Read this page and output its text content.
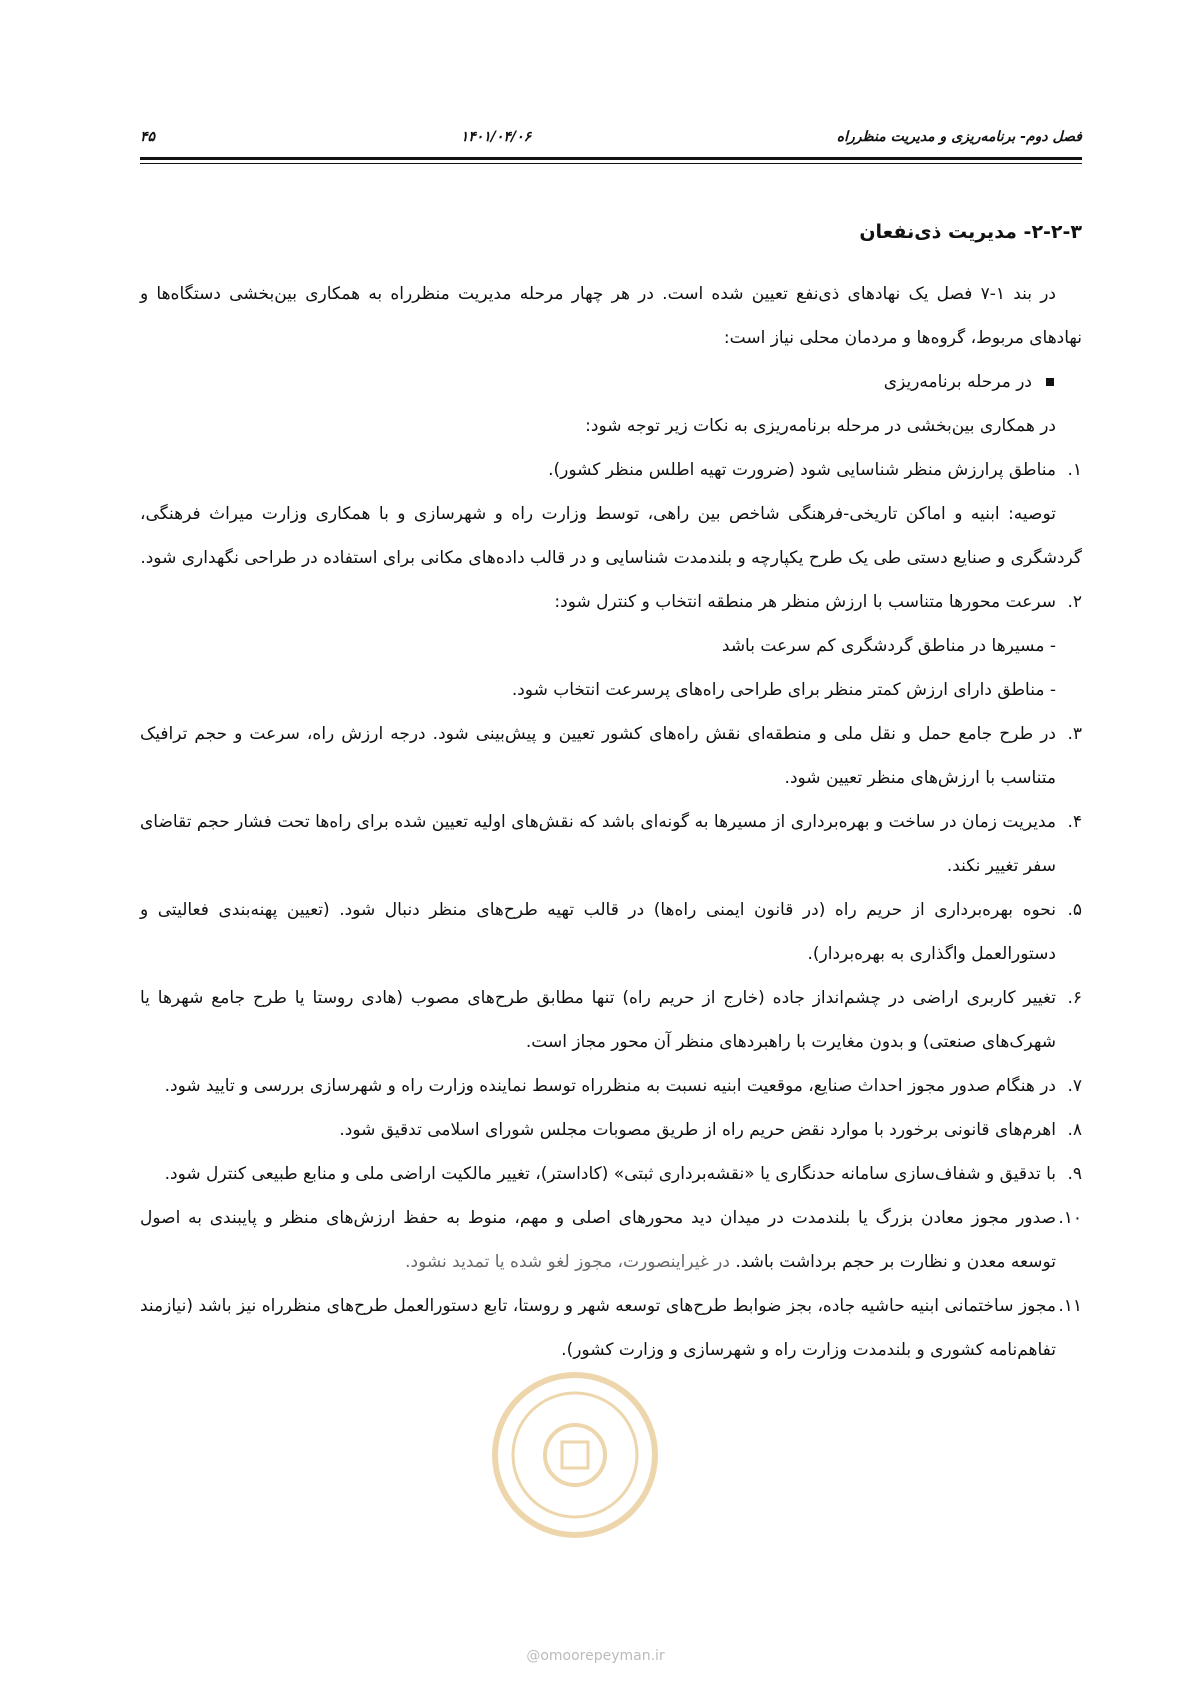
۴۵	۱۴۰۱/۰۴/۰۶	فصل دوم- برنامه‌ریزی و مدیریت منظرراه

۲-۲-۳- مدیریت ذی‌نفعان

در بند ۱-۷ فصل یک نهادهای ذی‌نفع تعیین شده است. در هر چهار مرحله مدیریت منظرراه به همکاری بین‌بخشی دستگاه‌ها و نهادهای مربوط، گروه‌ها و مردمان محلی نیاز است:

در مرحله برنامه‌ریزی

در همکاری بین‌بخشی در مرحله برنامه‌ریزی به نکات زیر توجه شود:

۱.
مناطق پرارزش منظر شناسایی شود (ضرورت تهیه اطلس منظر کشور).

توصیه: ابنیه و اماکن تاریخی-فرهنگی شاخص بین راهی، توسط وزارت راه و شهرسازی و با همکاری وزارت میراث فرهنگی، گردشگری و صنایع دستی طی یک طرح یکپارچه و بلندمدت شناسایی و در قالب داده‌های مکانی برای استفاده در طراحی نگهداری شود.

۲.
سرعت محورها متناسب با ارزش منظر هر منطقه انتخاب و کنترل شود:

- مسیرها در مناطق گردشگری کم سرعت باشد

- مناطق دارای ارزش کمتر منظر برای طراحی راه‌های پرسرعت انتخاب شود.

۳.
در طرح جامع حمل و نقل ملی و منطقه‌ای نقش راه‌های کشور تعیین و پیش‌بینی شود. درجه ارزش راه، سرعت و حجم ترافیک متناسب با ارزش‌های منظر تعیین شود.
۴.
مدیریت زمان در ساخت و بهره‌برداری از مسیرها به گونه‌ای باشد که نقش‌های اولیه تعیین شده برای راه‌ها تحت فشار حجم تقاضای سفر تغییر نکند.
۵.
نحوه بهره‌برداری از حریم راه (در قانون ایمنی راه‌ها) در قالب تهیه طرح‌های منظر دنبال شود. (تعیین پهنه‌بندی فعالیتی و دستورالعمل واگذاری به بهره‌بردار).
۶.
تغییر کاربری اراضی در چشم‌انداز جاده (خارج از حریم راه) تنها مطابق طرح‌های مصوب (هادی روستا یا طرح جامع شهرها یا شهرک‌های صنعتی) و بدون مغایرت با راهبردهای منظر آن محور مجاز است.
۷.
در هنگام صدور مجوز احداث صنایع، موقعیت ابنیه نسبت به منظرراه توسط نماینده وزارت راه و شهرسازی بررسی و تایید شود.
۸.
اهرم‌های قانونی برخورد با موارد نقض حریم راه از طریق مصوبات مجلس شورای اسلامی تدقیق شود.
۹.
با تدقیق و شفاف‌سازی سامانه حدنگاری یا «نقشه‌برداری ثبتی» (کاداستر)، تغییر مالکیت اراضی ملی و منابع طبیعی کنترل شود.
۱۰.
صدور مجوز معادن بزرگ یا بلندمدت در میدان دید محورهای اصلی و مهم، منوط به حفظ ارزش‌های منظر و پایبندی به اصول توسعه معدن و نظارت بر حجم برداشت باشد. در غیراینصورت، مجوز لغو شده یا تمدید نشود.
۱۱.
مجوز ساختمانی ابنیه حاشیه جاده، بجز ضوابط طرح‌های توسعه شهر و روستا، تابع دستورالعمل طرح‌های منظرراه نیز باشد (نیازمند تفاهم‌نامه کشوری و بلندمدت وزارت راه و شهرسازی و وزارت کشور).
@omoorepeyman.ir
